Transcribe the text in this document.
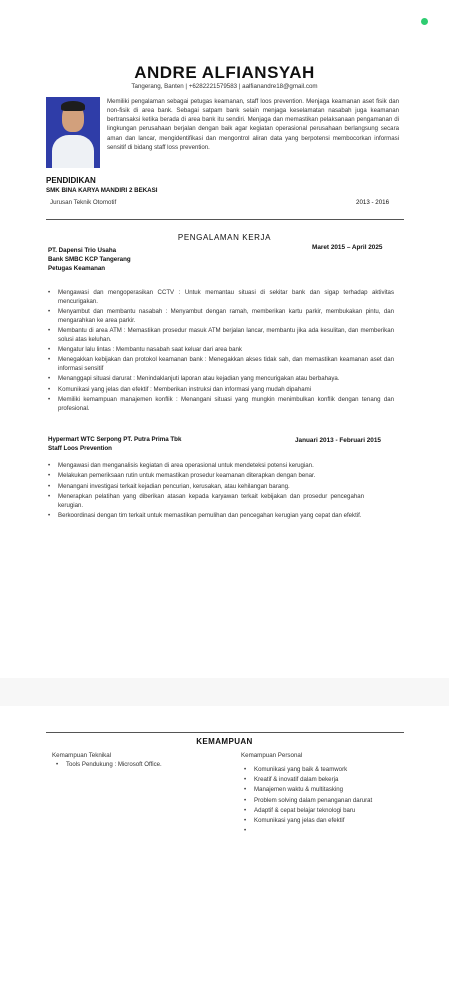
ANDRE ALFIANSYAH
Tangerang, Banten | +6282221579583 | aalfianandre18@gmail.com
Memiliki pengalaman sebagai petugas keamanan, staff loos prevention. Menjaga keamanan aset fisik dan non-fisik di area bank. Sebagai satpam bank selain menjaga keselamatan nasabah juga keamanan bertransaksi ketika berada di area bank itu sendiri. Menjaga dan memastikan pelaksanaan pengamanan di lingkungan perusahaan berjalan dengan baik agar kegiatan operasional perusahaan berlangsung secara aman dan lancar, mengidentifikasi dan mengontrol aliran data yang berpotensi membocorkan informasi sensitif di bidang staff loss prevention.
PENDIDIKAN
SMK BINA KARYA MANDIRI 2 BEKASI
Jurusan Teknik Otomotif	2013 - 2016
PENGALAMAN KERJA
PT. Dapensi Trio Usaha
Bank SMBC KCP Tangerang
Petugas Keamanan
Maret 2015 – April 2025
• Mengawasi dan mengoperasikan CCTV : Untuk memantau situasi di sekitar bank dan sigap terhadap aktivitas mencurigakan.
• Menyambut dan membantu nasabah : Menyambut dengan ramah, memberikan kartu parkir, membukakan pintu, dan mengarahkan ke area parkir.
• Membantu di area ATM : Memastikan prosedur masuk ATM berjalan lancar, membantu jika ada kesulitan, dan memberikan solusi atas keluhan.
• Mengatur lalu lintas : Membantu nasabah saat keluar dari area bank
• Menegakkan kebijakan dan protokol keamanan bank : Menegakkan akses tidak sah, dan memastikan keamanan aset dan informasi sensitif
• Menanggapi situasi darurat : Menindaklanjuti laporan atau kejadian yang mencurigakan atau berbahaya.
• Komunikasi yang jelas dan efektif : Memberikan instruksi dan informasi yang mudah dipahami
• Memiliki kemampuan manajemen konflik : Menangani situasi yang mungkin menimbulkan konflik dengan tenang dan profesional.
Hypermart WTC Serpong PT. Putra Prima Tbk
Staff Loos Prevention
Januari 2013 - Februari 2015
• Mengawasi dan menganalisis kegiatan di area operasional untuk mendeteksi potensi kerugian.
• Melakukan pemeriksaan rutin untuk memastikan prosedur keamanan diterapkan dengan benar.
• Menangani investigasi terkait kejadian pencurian, kerusakan, atau kehilangan barang.
• Menerapkan pelatihan yang diberikan atasan kepada karyawan terkait kebijakan dan prosedur pencegahan kerugian.
• Berkoordinasi dengan tim terkait untuk memastikan pemulihan dan pencegahan kerugian yang cepat dan efektif.
KEMAMPUAN
Kemampuan Teknikal
• Tools Pendukung : Microsoft Office.
Kemampuan Personal
• Komunikasi yang baik & teamwork
• Kreatif & inovatif dalam bekerja
• Manajemen waktu & multitasking
• Problem solving dalam penanganan darurat
• Adaptif & cepat belajar teknologi baru
• Komunikasi yang jelas dan efektif
•
